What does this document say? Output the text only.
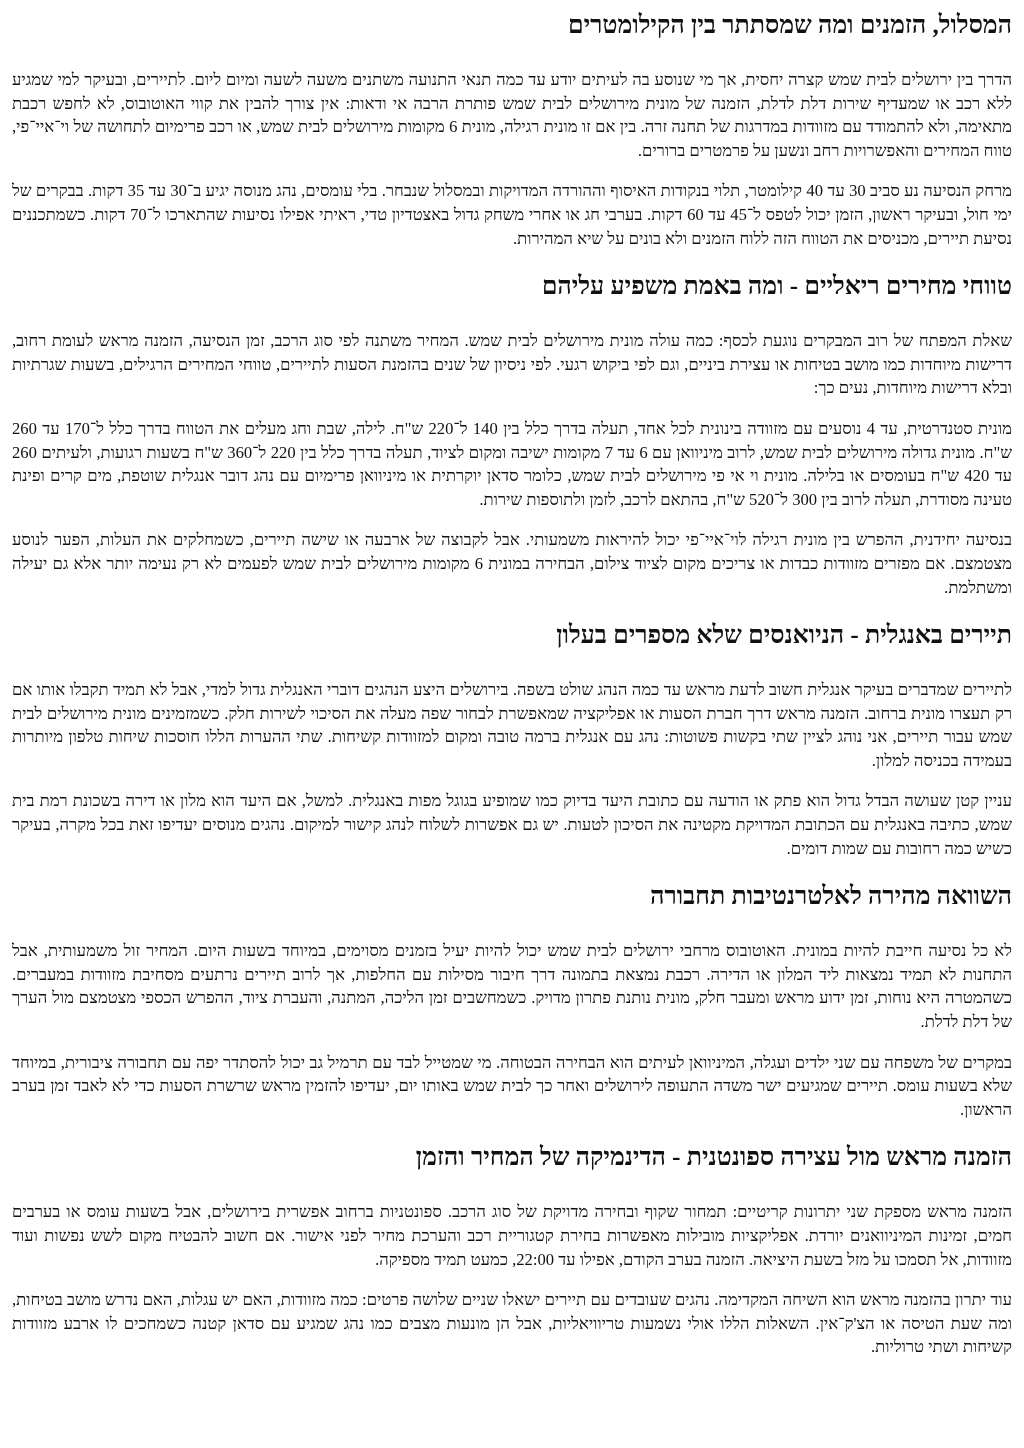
המסלול, הזמנים ומה שמסתתר בין הקילומטרים

הדרך בין ירושלים לבית שמש קצרה יחסית, אך מי שנוסע בה לעיתים יודע עד כמה תנאי התנועה משתנים משעה לשעה ומיום ליום. לתיירים, ובעיקר למי שמגיע ללא רכב או שמעדיף שירות דלת לדלת, הזמנה של מונית מירושלים לבית שמש פותרת הרבה אי ודאות: אין צורך להבין את קווי האוטובוס, לא לחפש רכבת מתאימה, ולא להתמודד עם מזוודות במדרגות של תחנה זרה. בין אם זו מונית רגילה, מונית 6 מקומות מירושלים לבית שמש, או רכב פרימיום לתחושה של וי־איי־פי, טווח המחירים והאפשרויות רחב ונשען על פרמטרים ברורים.

מרחק הנסיעה נע סביב 30 עד 40 קילומטר, תלוי בנקודות האיסוף וההורדה המדויקות ובמסלול שנבחר. בלי עומסים, נהג מנוסה יגיע ב־30 עד 35 דקות. בבקרים של ימי חול, ובעיקר ראשון, הזמן יכול לטפס ל־45 עד 60 דקות. בערבי חג או אחרי משחק גדול באצטדיון טדי, ראיתי אפילו נסיעות שהתארכו ל־70 דקות. כשמתכננים נסיעת תיירים, מכניסים את הטווח הזה ללוח הזמנים ולא בונים על שיא המהירות.

טווחי מחירים ריאליים - ומה באמת משפיע עליהם

שאלת המפתח של רוב המבקרים נוגעת לכסף: כמה עולה מונית מירושלים לבית שמש. המחיר משתנה לפי סוג הרכב, זמן הנסיעה, הזמנה מראש לעומת רחוב, דרישות מיוחדות כמו מושב בטיחות או עצירת ביניים, וגם לפי ביקוש רגעי. לפי ניסיון של שנים בהזמנת הסעות לתיירים, טווחי המחירים הרגילים, בשעות שגרתיות ובלא דרישות מיוחדות, נעים כך:

מונית סטנדרטית, עד 4 נוסעים עם מזוודה בינונית לכל אחד, תעלה בדרך כלל בין 140 ל־220 ש"ח. לילה, שבת וחג מעלים את הטווח בדרך כלל ל־170 עד 260 ש"ח. מונית גדולה מירושלים לבית שמש, לרוב מיניוואן עם 6 עד 7 מקומות ישיבה ומקום לציוד, תעלה בדרך כלל בין 220 ל־360 ש"ח בשעות רגועות, ולעיתים 260 עד 420 ש"ח בעומסים או בלילה. מונית וי אי פי מירושלים לבית שמש, כלומר סדאן יוקרתית או מיניוואן פרימיום עם נהג דובר אנגלית שוטפת, מים קרים ופינת טעינה מסודרת, תעלה לרוב בין 300 ל־520 ש"ח, בהתאם לרכב, לזמן ולתוספות שירות.

בנסיעה יחידנית, ההפרש בין מונית רגילה לוי־איי־פי יכול להיראות משמעותי. אבל לקבוצה של ארבעה או שישה תיירים, כשמחלקים את העלות, הפער לנוסע מצטמצם. אם מפזרים מזוודות כבדות או צריכים מקום לציוד צילום, הבחירה במונית 6 מקומות מירושלים לבית שמש לפעמים לא רק נעימה יותר אלא גם יעילה ומשתלמת.

תיירים באנגלית - הניואנסים שלא מספרים בעלון

לתיירים שמדברים בעיקר אנגלית חשוב לדעת מראש עד כמה הנהג שולט בשפה. בירושלים היצע הנהגים דוברי האנגלית גדול למדי, אבל לא תמיד תקבלו אותו אם רק תעצרו מונית ברחוב. הזמנה מראש דרך חברת הסעות או אפליקציה שמאפשרת לבחור שפה מעלה את הסיכוי לשירות חלק. כשמזמינים מונית מירושלים לבית שמש עבור תיירים, אני נוהג לציין שתי בקשות פשוטות: נהג עם אנגלית ברמה טובה ומקום למזוודות קשיחות. שתי ההערות הללו חוסכות שיחות טלפון מיותרות בעמידה בכניסה למלון.

עניין קטן שעושה הבדל גדול הוא פתק או הודעה עם כתובת היעד בדיוק כמו שמופיע בגוגל מפות באנגלית. למשל, אם היעד הוא מלון או דירה בשכונת רמת בית שמש, כתיבה באנגלית עם הכתובת המדויקת מקטינה את הסיכון לטעות. יש גם אפשרות לשלוח לנהג קישור למיקום. נהגים מנוסים יעדיפו זאת בכל מקרה, בעיקר כשיש כמה רחובות עם שמות דומים.

השוואה מהירה לאלטרנטיבות תחבורה

לא כל נסיעה חייבת להיות במונית. האוטובוס מרחבי ירושלים לבית שמש יכול להיות יעיל בזמנים מסוימים, במיוחד בשעות היום. המחיר זול משמעותית, אבל התחנות לא תמיד נמצאות ליד המלון או הדירה. רכבת נמצאת בתמונה דרך חיבור מסילות עם החלפות, אך לרוב תיירים נרתעים מסחיבת מזוודות במעברים. כשהמטרה היא נוחות, זמן ידוע מראש ומעבר חלק, מונית נותנת פתרון מדויק. כשמחשבים זמן הליכה, המתנה, והעברת ציוד, ההפרש הכספי מצטמצם מול הערך של דלת לדלת.

במקרים של משפחה עם שני ילדים ועגלה, המיניוואן לעיתים הוא הבחירה הבטוחה. מי שמטייל לבד עם תרמיל גב יכול להסתדר יפה עם תחבורה ציבורית, במיוחד שלא בשעות עומס. תיירים שמגיעים ישר משדה התעופה לירושלים ואחר כך לבית שמש באותו יום, יעדיפו להזמין מראש שרשרת הסעות כדי לא לאבד זמן בערב הראשון.

הזמנה מראש מול עצירה ספונטנית - הדינמיקה של המחיר והזמן

הזמנה מראש מספקת שני יתרונות קריטיים: תמחור שקוף ובחירה מדויקת של סוג הרכב. ספונטניות ברחוב אפשרית בירושלים, אבל בשעות עומס או בערבים חמים, זמינות המיניוואנים יורדת. אפליקציות מובילות מאפשרות בחירת קטגוריית רכב והערכת מחיר לפני אישור. אם חשוב להבטיח מקום לשש נפשות ועוד מזוודות, אל תסמכו על מזל בשעת היציאה. הזמנה בערב הקודם, אפילו עד 22:00, כמעט תמיד מספיקה.

עוד יתרון בהזמנה מראש הוא השיחה המקדימה. נהגים שעובדים עם תיירים ישאלו שניים שלושה פרטים: כמה מזוודות, האם יש עגלות, האם נדרש מושב בטיחות, ומה שעת הטיסה או הצ'ק־אין. השאלות הללו אולי נשמעות טריוויאליות, אבל הן מונעות מצבים כמו נהג שמגיע עם סדאן קטנה כשמחכים לו ארבע מזוודות קשיחות ושתי טרוליות.
